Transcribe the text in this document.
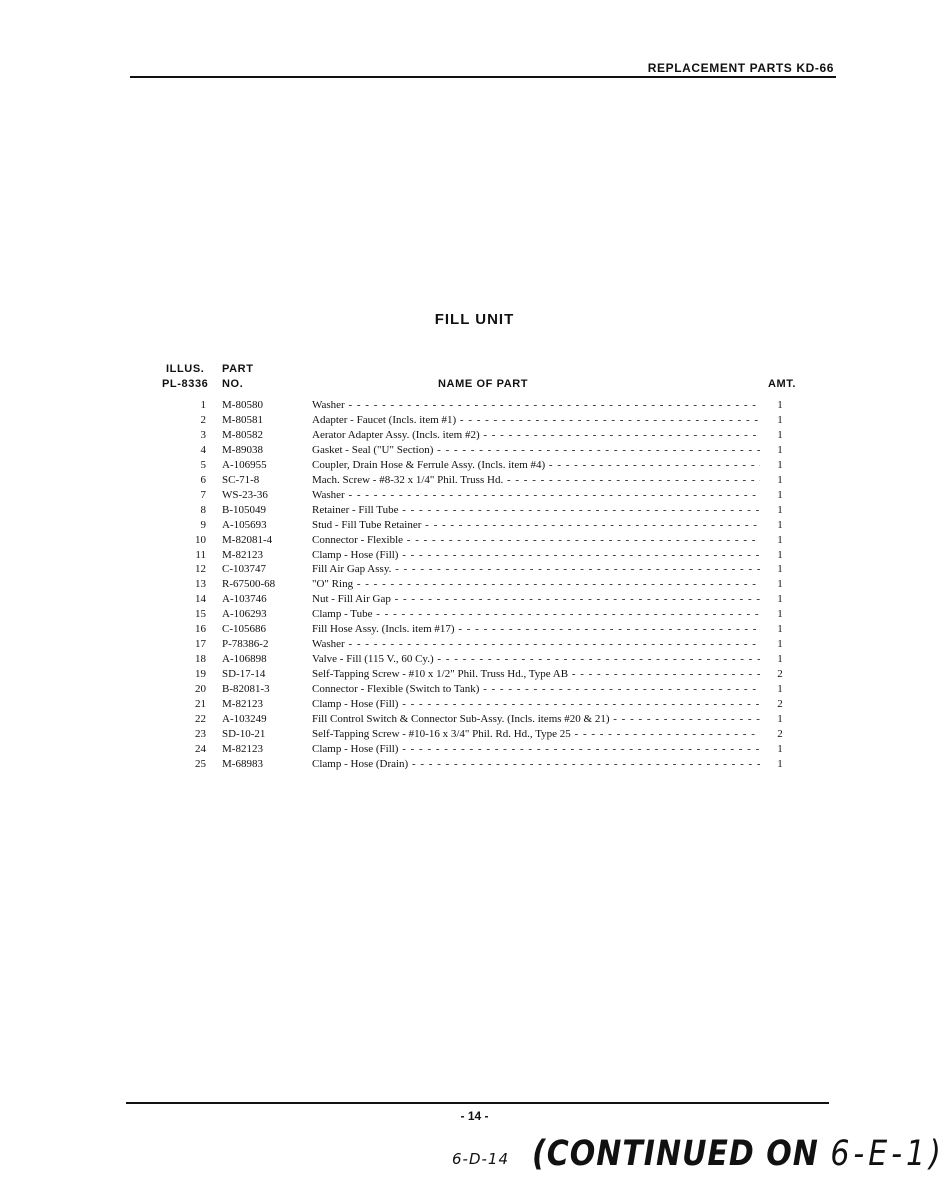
REPLACEMENT PARTS KD-66
FILL UNIT
ILLUS.
PL-8336
PART
NO.	NAME OF PART	AMT.
1 M-80580	Washer - - -	1
2 M-80581	Adapter - Faucet (Incls. item #1) - - -	1
3 M-80582	Aerator Adapter Assy. (Incls. item #2) - - -	1
4 M-89038	Gasket - Seal ("U" Section) - - -	1
5 A-106955	Coupler, Drain Hose & Ferrule Assy. (Incls. item #4) - - -	1
6 SC-71-8	Mach. Screw - #8-32 x 1/4" Phil. Truss Hd. - - -	1
7 WS-23-36	Washer - - -	1
8 B-105049	Retainer - Fill Tube - - -	1
9 A-105693	Stud - Fill Tube Retainer - - -	1
10 M-82081-4	Connector - Flexible - - -	1
11 M-82123	Clamp - Hose (Fill) - - -	1
12 C-103747	Fill Air Gap Assy. - - -	1
13 R-67500-68	"O" Ring - - -	1
14 A-103746	Nut - Fill Air Gap - - -	1
15 A-106293	Clamp - Tube - - -	1
16 C-105686	Fill Hose Assy. (Incls. item #17) - - -	1
17 P-78386-2	Washer - - -	1
18 A-106898	Valve - Fill (115 V., 60 Cy.) - - -	1
19 SD-17-14	Self-Tapping Screw - #10 x 1/2" Phil. Truss Hd., Type AB - - -	2
20 B-82081-3	Connector - Flexible (Switch to Tank) - - -	1
21 M-82123	Clamp - Hose (Fill) - - -	2
22 A-103249	Fill Control Switch & Connector Sub-Assy. (Incls. items #20 & 21) - - -	1
23 SD-10-21	Self-Tapping Screw - #10-16 x 3/4" Phil. Rd. Hd., Type 25 - - -	2
24 M-82123	Clamp - Hose (Fill) - - -	1
25 M-68983	Clamp - Hose (Drain) - - -	1
- 14 -
6-D-14 (CONTINUED ON 6-E-1)
